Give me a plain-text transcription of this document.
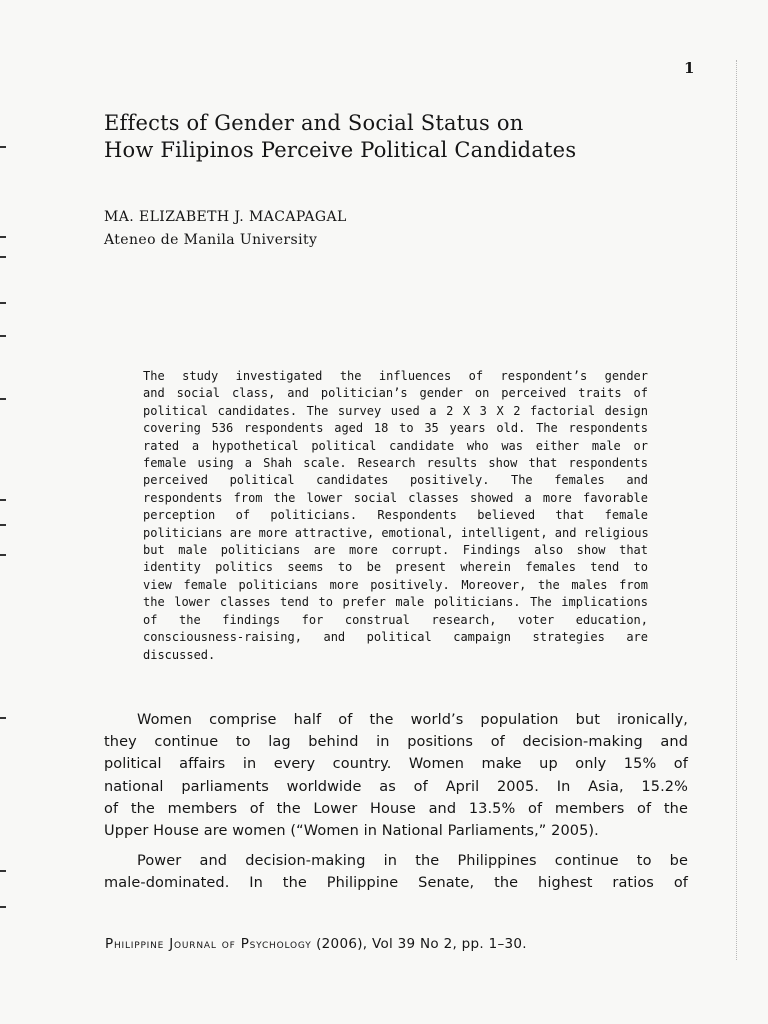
1
Effects of Gender and Social Status on
How Filipinos Perceive Political Candidates
MA. ELIZABETH J. MACAPAGAL
Ateneo de Manila University
The study investigated the influences of respondent’s gender
and social class, and politician’s gender on perceived traits of
political candidates. The survey used a 2 X 3 X 2 factorial design
covering 536 respondents aged 18 to 35 years old. The respondents
rated a hypothetical political candidate who was either male or
female using a Shah scale. Research results show that respondents
perceived political candidates positively. The females and
respondents from the lower social classes showed a more favorable
perception of politicians. Respondents believed that female
politicians are more attractive, emotional, intelligent, and religious
but male politicians are more corrupt. Findings also show that
identity politics seems to be present wherein females tend to
view female politicians more positively. Moreover, the males from
the lower classes tend to prefer male politicians. The implications
of the findings for construal research, voter education,
consciousness-raising, and political campaign strategies are
discussed.
Women comprise half of the world’s population but ironically,
they continue to lag behind in positions of decision-making and
political affairs in every country. Women make up only 15% of
national parliaments worldwide as of April 2005. In Asia, 15.2%
of the members of the Lower House and 13.5% of members of the
Upper House are women (“Women in National Parliaments,” 2005).
Power and decision-making in the Philippines continue to be
male-dominated. In the Philippine Senate, the highest ratios of
Philippine Journal of Psychology (2006), Vol 39 No 2, pp. 1–30.
